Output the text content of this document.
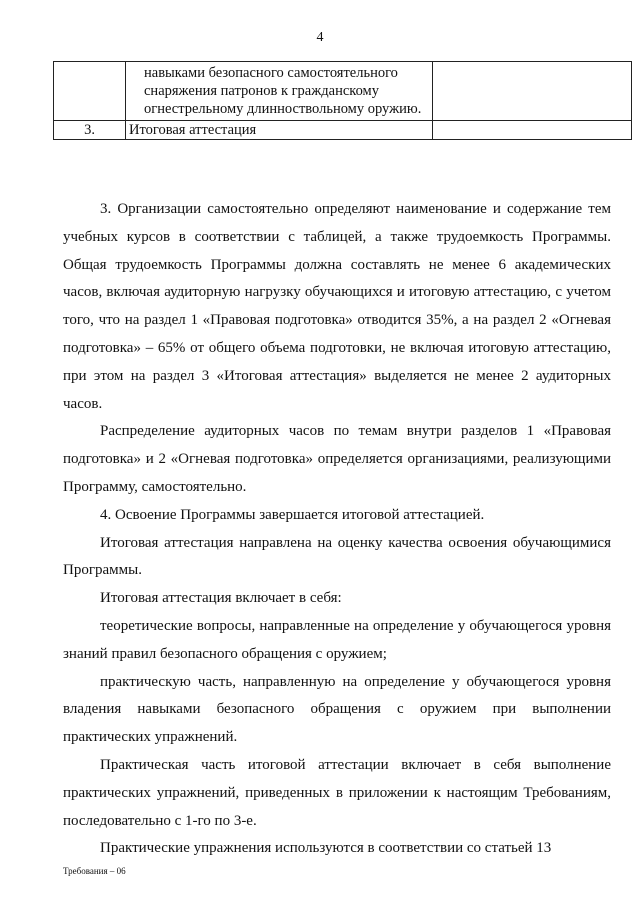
4

	навыками безопасного самостоятельного снаряжения патронов к гражданскому огнестрельному длинноствольному оружию.	

3.	Итоговая аттестация	

3. Организации самостоятельно определяют наименование и содержание тем учебных курсов в соответствии с таблицей, а также трудоемкость Программы. Общая трудоемкость Программы должна составлять не менее 6 академических часов, включая аудиторную нагрузку обучающихся и итоговую аттестацию, с учетом того, что на раздел 1 «Правовая подготовка» отводится 35%, а на раздел 2 «Огневая подготовка» – 65% от общего объема подготовки, не включая итоговую аттестацию, при этом на раздел 3 «Итоговая аттестация» выделяется не менее 2 аудиторных часов.

Распределение аудиторных часов по темам внутри разделов 1 «Правовая подготовка» и 2 «Огневая подготовка» определяется организациями, реализующими Программу, самостоятельно.

4. Освоение Программы завершается итоговой аттестацией.

Итоговая аттестация направлена на оценку качества освоения обучающимися Программы.

Итоговая аттестация включает в себя:

теоретические вопросы, направленные на определение у обучающегося уровня знаний правил безопасного обращения с оружием;

практическую часть, направленную на определение у обучающегося уровня владения навыками безопасного обращения с оружием при выполнении практических упражнений.

Практическая часть итоговой аттестации включает в себя выполнение практических упражнений, приведенных в приложении к настоящим Требованиям, последовательно с 1-го по 3-е.

Практические упражнения используются в соответствии со статьей 13

Требования – 06
